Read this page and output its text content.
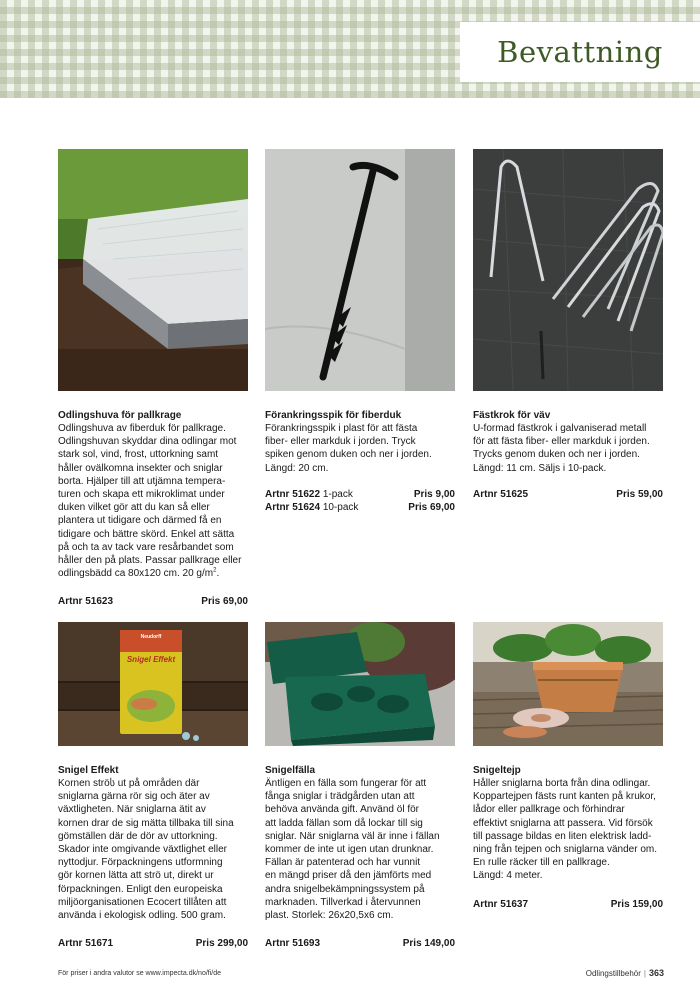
Bevattning
Odlingshuva för pallkrage

Odlingshuva av fiberduk för pallkrage.
Odlingshuvan skyddar dina odlingar mot
stark sol, vind, frost, uttorkning samt
håller ovälkomna insekter och sniglar
borta. Hjälper till att utjämna tempera-
turen och skapa ett mikroklimat under
duken vilket gör att du kan så eller
plantera ut tidigare och därmed få en
tidigare och bättre skörd. Enkel att sätta
på och ta av tack vare resårbandet som
håller den på plats. Passar pallkrage eller
odlingsbädd ca 80x120 cm. 20 $g/m^2$.

Artnr 51623	Pris 69,00
Förankringsspik för fiberduk

Förankringsspik i plast för att fästa
fiber- eller markduk i jorden. Tryck
spiken genom duken och ner i jorden.
Längd: 20 cm.

Artnr 51622 1-pack	Pris 9,00
Artnr 51624 10-pack	Pris 69,00
Fästkrok för väv

U-formad fästkrok i galvaniserad metall
för att fästa fiber- eller markduk i jorden.
Trycks genom duken och ner i jorden.
Längd: 11 cm. Säljs i 10-pack.

Artnr 51625	Pris 59,00
Neudorff
Snigel Effekt
Snigel Effekt

Kornen ströს ut på områden där
sniglarna gärna rör sig och äter av
växtligheten. När sniglarna ätit av
kornen drar de sig mätta tillbaka till sina
gömställen där de dör av uttorkning.
Skador inte omgivande växtlighet eller
nyttodjur. Förpackningens utformning
gör kornen lätta att strö ut, direkt ur
förpackningen. Enligt den europeiska
miljöorganisationen Ecocert tillåten att
använda i ekologisk odling. 500 gram.

Artnr 51671	Pris 299,00
Snigelfälla

Äntligen en fälla som fungerar för att
fånga sniglar i trädgården utan att
behöva använda gift. Använd öl för
att ladda fällan som då lockar till sig
sniglar. När sniglarna väl är inne i fällan
kommer de inte ut igen utan drunknar.
Fällan är patenterad och har vunnit
en mängd priser då den jämförts med
andra snigelbekämpningssystem på
marknaden. Tillverkad i återvunnen
plast. Storlek: 26x20,5x6 cm.

Artnr 51693	Pris 149,00
Snigeltejp

Håller sniglarna borta från dina odlingar.
Koppartejpen fästs runt kanten på krukor,
lådor eller pallkrage och förhindrar
effektivt sniglarna att passera. Vid försök
till passage bildas en liten elektrisk ladd-
ning från tejpen och sniglarna vänder om.
En rulle räcker till en pallkrage.
Längd: 4 meter.

Artnr 51637	Pris 159,00
För priser i andra valutor se www.impecta.dk/no/fi/de	Odlingstillbehör | 363
